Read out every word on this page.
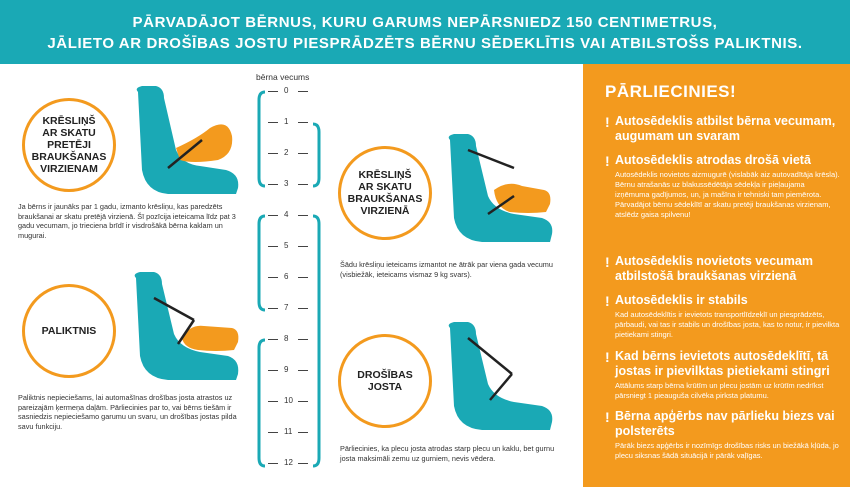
PĀRVADĀJOT BĒRNUS, KURU GARUMS NEPĀRSNIEDZ 150 CENTIMETRUS,
JĀLIETO AR DROŠĪBAS JOSTU PIESPRĀDZĒTS BĒRNU SĒDEKLĪTIS VAI ATBILSTOŠS PALIKTNIS.
KRĒSLIŅŠ
AR SKATU
PRETĒJI
BRAUKŠANAS
VIRZIENAM
Ja bērns ir jaunāks par 1 gadu, izmanto krēsliņu, kas paredzēts braukšanai ar skatu pretējā virzienā. Šī pozīcija ieteicama līdz pat 3 gadu vecumam, jo trieciena brīdī ir visdrošākā bērna kaklam un mugurai.
PALIKTNIS
Paliktnis nepieciešams, lai automašīnas drošības josta atrastos uz pareizajām ķermeņa daļām. Pārliecinies par to, vai bērns tiešām ir sasniedzis nepieciešamo garumu un svaru, un drošības jostas pilda savu funkciju.
bērna vecums
0
1
2
3
4
5
6
7
8
9
10
11
12
KRĒSLIŅŠ
AR SKATU
BRAUKŠANAS
VIRZIENĀ
Šādu krēsliņu ieteicams izmantot ne ātrāk par viena gada vecumu (visbiežāk, ieteicams vismaz 9 kg svars).
DROŠĪBAS
JOSTA
Pārliecinies, ka plecu josta atrodas starp plecu un kaklu, bet gurnu josta maksimāli zemu uz gurniem, nevis vēdera.
PĀRLIECINIES!
! Autosēdeklis atbilst bērna vecumam, augumam un svaram
! Autosēdeklis atrodas drošā vietā
Autosēdeklis novietots aizmugurē (vislabāk aiz autovadītāja krēsla). Bērnu atrašanās uz blakussēdētāja sēdekļa ir pieļaujama izņēmuma gadījumos, un, ja mašīna ir tehniski tam piemērota. Pārvadājot bērnu sēdeklītī ar skatu pretēji braukšanas virzienam, atslēdz gaisa spilvenu!
! Autosēdeklis novietots vecumam atbilstošā braukšanas virzienā
! Autosēdeklis ir stabils
Kad autosēdeklītis ir ievietots transportlīdzeklī un piesprādzēts, pārbaudi, vai tas ir stabils un drošības josta, kas to notur, ir pievilkta pietiekami stingri.
! Kad bērns ievietots autosēdeklītī, tā jostas ir pievilktas pietiekami stingri
Attālums starp bērna krūtīm un plecu jostām uz krūtīm nedrīkst pārsniegt 1 pieauguša cilvēka pirksta platumu.
! Bērna apģērbs nav pārlieku biezs vai polsterēts
Pārāk biezs apģērbs ir nozīmīgs drošības risks un biežākā kļūda, jo plecu siksnas šādā situācijā ir pārāk vaļīgas.
